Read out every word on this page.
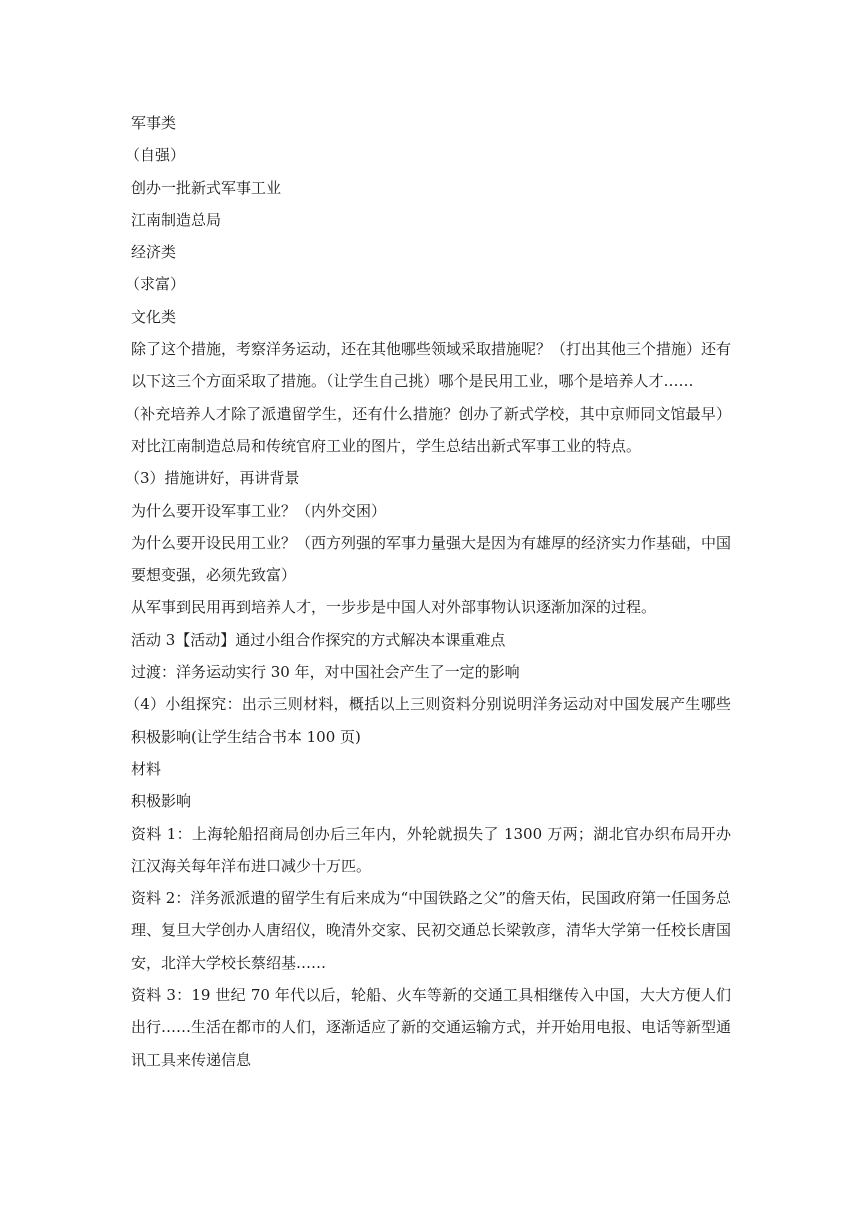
军事类
（自强）
创办一批新式军事工业
江南制造总局
经济类
（求富）
文化类
除了这个措施，考察洋务运动，还在其他哪些领域采取措施呢？（打出其他三个措施）还有
以下这三个方面采取了措施。（让学生自己挑）哪个是民用工业，哪个是培养人才……
（补充培养人才除了派遣留学生，还有什么措施？创办了新式学校，其中京师同文馆最早）
对比江南制造总局和传统官府工业的图片，学生总结出新式军事工业的特点。
（3）措施讲好，再讲背景
为什么要开设军事工业？（内外交困）
为什么要开设民用工业？（西方列强的军事力量强大是因为有雄厚的经济实力作基础，中国
要想变强，必须先致富）
从军事到民用再到培养人才，一步步是中国人对外部事物认识逐渐加深的过程。
活动 3【活动】通过小组合作探究的方式解决本课重难点
过渡：洋务运动实行 30 年，对中国社会产生了一定的影响
（4）小组探究：出示三则材料，概括以上三则资料分别说明洋务运动对中国发展产生哪些
积极影响(让学生结合书本 100 页)
材料
积极影响
资料 1：上海轮船招商局创办后三年内，外轮就损失了 1300 万两；湖北官办织布局开办
江汉海关每年洋布进口减少十万匹。
资料 2：洋务派派遣的留学生有后来成为“中国铁路之父”的詹天佑，民国政府第一任国务总
理、复旦大学创办人唐绍仪，晚清外交家、民初交通总长梁敦彦，清华大学第一任校长唐国
安，北洋大学校长蔡绍基……
资料 3：19 世纪 70 年代以后，轮船、火车等新的交通工具相继传入中国，大大方便人们
出行……生活在都市的人们，逐渐适应了新的交通运输方式，并开始用电报、电话等新型通
讯工具来传递信息
